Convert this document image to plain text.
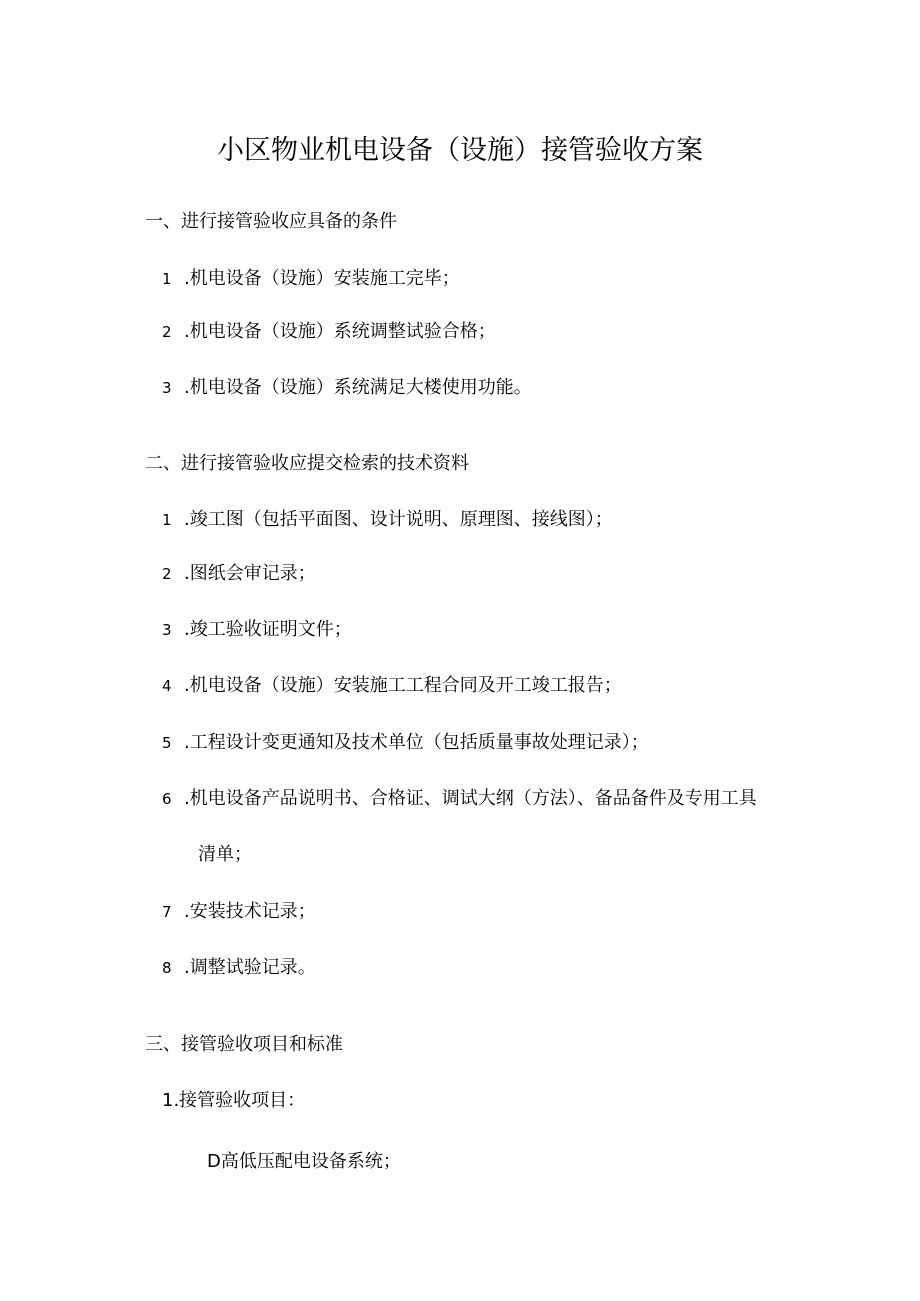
小区物业机电设备（设施）接管验收方案
一、进行接管验收应具备的条件
1 .机电设备（设施）安装施工完毕；
2 .机电设备（设施）系统调整试验合格；
3 .机电设备（设施）系统满足大楼使用功能。
二、进行接管验收应提交检索的技术资料
1 .竣工图（包括平面图、设计说明、原理图、接线图）；
2 .图纸会审记录；
3 .竣工验收证明文件；
4 .机电设备（设施）安装施工工程合同及开工竣工报告；
5 .工程设计变更通知及技术单位（包括质量事故处理记录）；
6 .机电设备产品说明书、合格证、调试大纲（方法）、备品备件及专用工具
清单；
7 .安装技术记录；
8 .调整试验记录。
三、接管验收项目和标准
1.接管验收项目：
D高低压配电设备系统；
